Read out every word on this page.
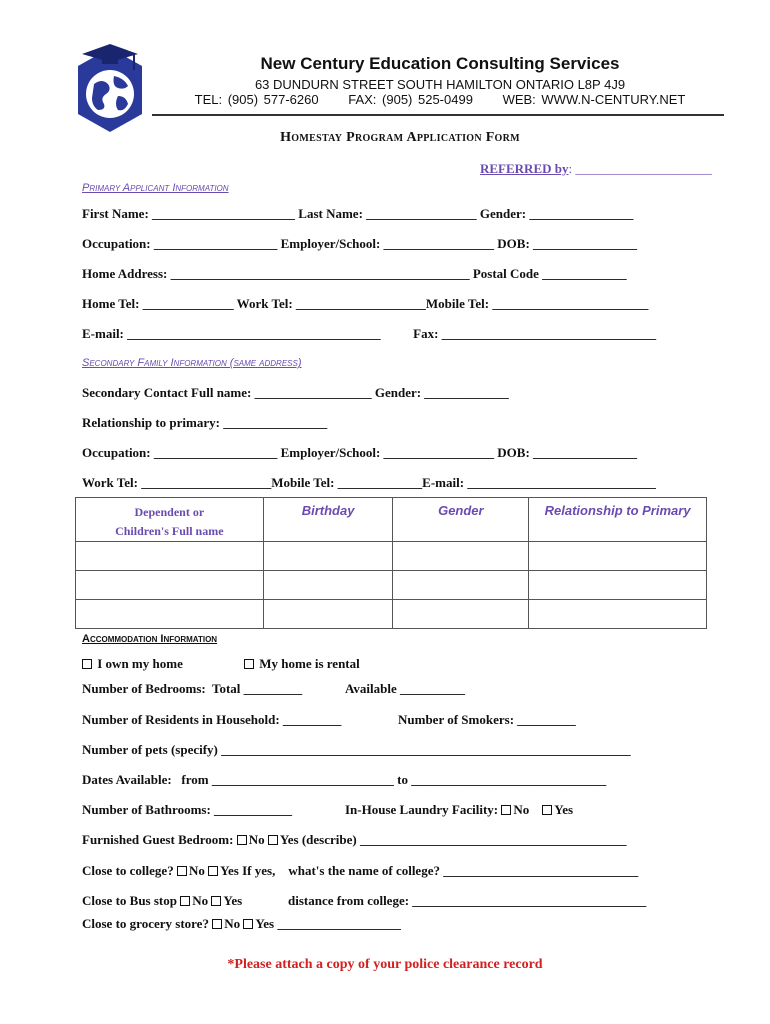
New Century Education Consulting Services
63 DUNDURN STREET SOUTH HAMILTON ONTARIO L8P 4J9
TEL: (905) 577-6260 FAX: (905) 525-0499 WEB: WWW.N-CENTURY.NET
Homestay Program Application Form
REFERRED by: _____________________
Primary Applicant Information
First Name: ______________________ Last Name: _________________ Gender: ________________
Occupation: ___________________ Employer/School: _________________ DOB: ________________
Home Address: ______________________________________________ Postal Code _____________
Home Tel: ______________ Work Tel: ____________________Mobile Tel: ________________________
E-mail: _______________________________________          Fax: _________________________________
Secondary Family Information (same address)
Secondary Contact Full name: __________________ Gender: _____________
Relationship to primary: ________________
Occupation: ___________________ Employer/School: _________________ DOB: ________________
Work Tel: ____________________Mobile Tel: _____________E-mail: _____________________________
Dependent or
Children's Full name	Birthday	Gender	Relationship to Primary

Accommodation Information
I own my home	My home is rental
Number of Bedrooms:  Total _________	Available __________
Number of Residents in Household: _________	Number of Smokers: _________
Number of pets (specify) _______________________________________________________________
Dates Available:   from ____________________________ to ______________________________
Number of Bathrooms: ____________	In-House Laundry Facility: No Yes
Furnished Guest Bedroom: No Yes (describe) _________________________________________
Close to college? No Yes If yes,    what's the name of college? ______________________________
Close to Bus stop No Yes	distance from college: ____________________________________
Close to grocery store? No Yes ___________________
*Please attach a copy of your police clearance record
